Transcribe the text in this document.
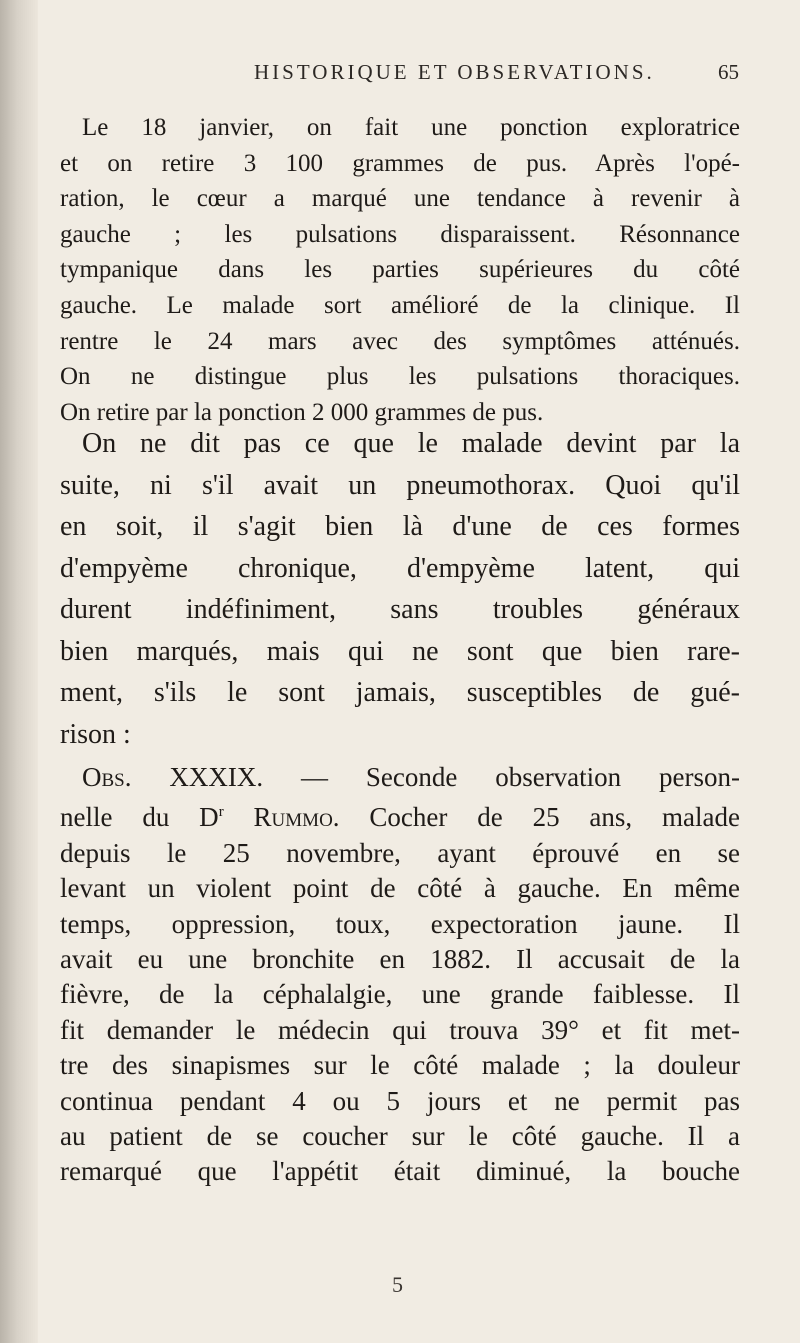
HISTORIQUE ET OBSERVATIONS.	65

Le 18 janvier, on fait une ponction exploratrice
et on retire 3 100 grammes de pus. Après l'opé-
ration, le cœur a marqué une tendance à revenir à
gauche ; les pulsations disparaissent. Résonnance
tympanique dans les parties supérieures du côté
gauche. Le malade sort amélioré de la clinique. Il
rentre le 24 mars avec des symptômes atténués.
On ne distingue plus les pulsations thoraciques.
On retire par la ponction 2 000 grammes de pus.

On ne dit pas ce que le malade devint par la
suite, ni s'il avait un pneumothorax. Quoi qu'il
en soit, il s'agit bien là d'une de ces formes
d'empyème chronique, d'empyème latent, qui
durent indéfiniment, sans troubles généraux
bien marqués, mais qui ne sont que bien rare-
ment, s'ils le sont jamais, susceptibles de gué-
rison :

Obs. XXXIX. — Seconde observation person-
nelle du $D^r$ Rummo. Cocher de 25 ans, malade
depuis le 25 novembre, ayant éprouvé en se
levant un violent point de côté à gauche. En même
temps, oppression, toux, expectoration jaune. Il
avait eu une bronchite en 1882. Il accusait de la
fièvre, de la céphalalgie, une grande faiblesse. Il
fit demander le médecin qui trouva 39° et fit met-
tre des sinapismes sur le côté malade ; la douleur
continua pendant 4 ou 5 jours et ne permit pas
au patient de se coucher sur le côté gauche. Il a
remarqué que l'appétit était diminué, la bouche

5
